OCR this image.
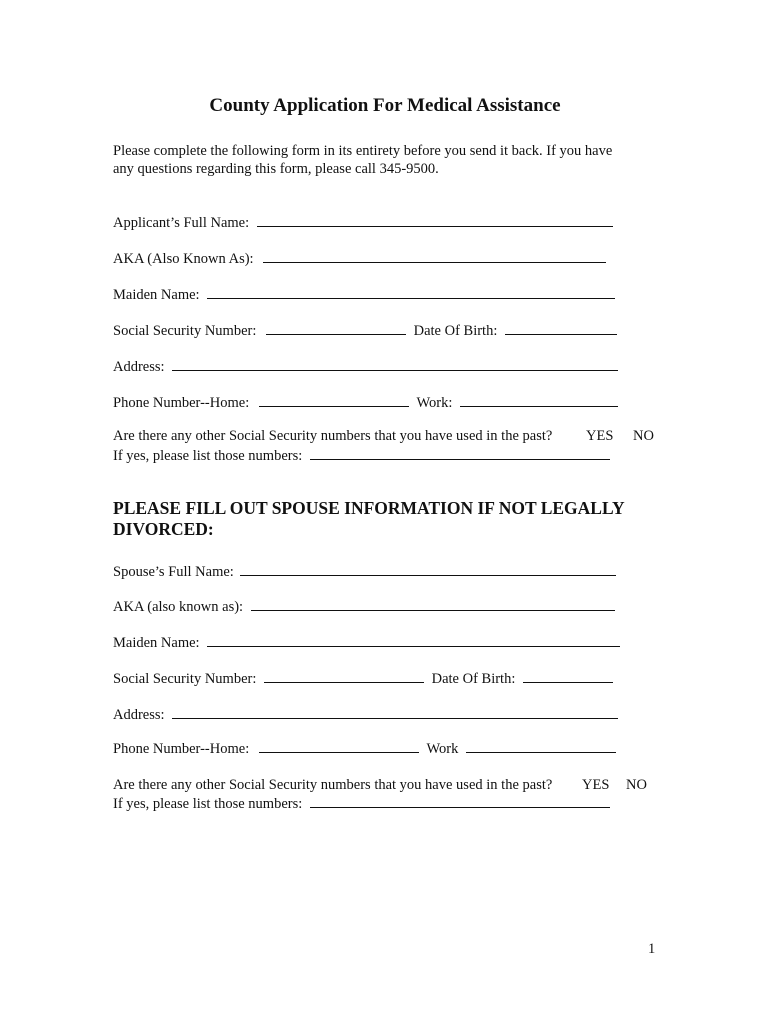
County Application For Medical Assistance
Please complete the following form in its entirety before you send it back. If you have
any questions regarding this form, please call 345-9500.
Applicant’s Full Name:
AKA (Also Known As):
Maiden Name:
Social Security Number:	Date Of Birth:
Address:
Phone Number--Home:	Work:
Are there any other Social Security numbers that you have used in the past? YES NO
If yes, please list those numbers:
PLEASE FILL OUT SPOUSE INFORMATION IF NOT LEGALLY DIVORCED:
Spouse’s Full Name:
AKA (also known as):
Maiden Name:
Social Security Number:	Date Of Birth:
Address:
Phone Number--Home:	Work
Are there any other Social Security numbers that you have used in the past? YES NO
If yes, please list those numbers:
1
